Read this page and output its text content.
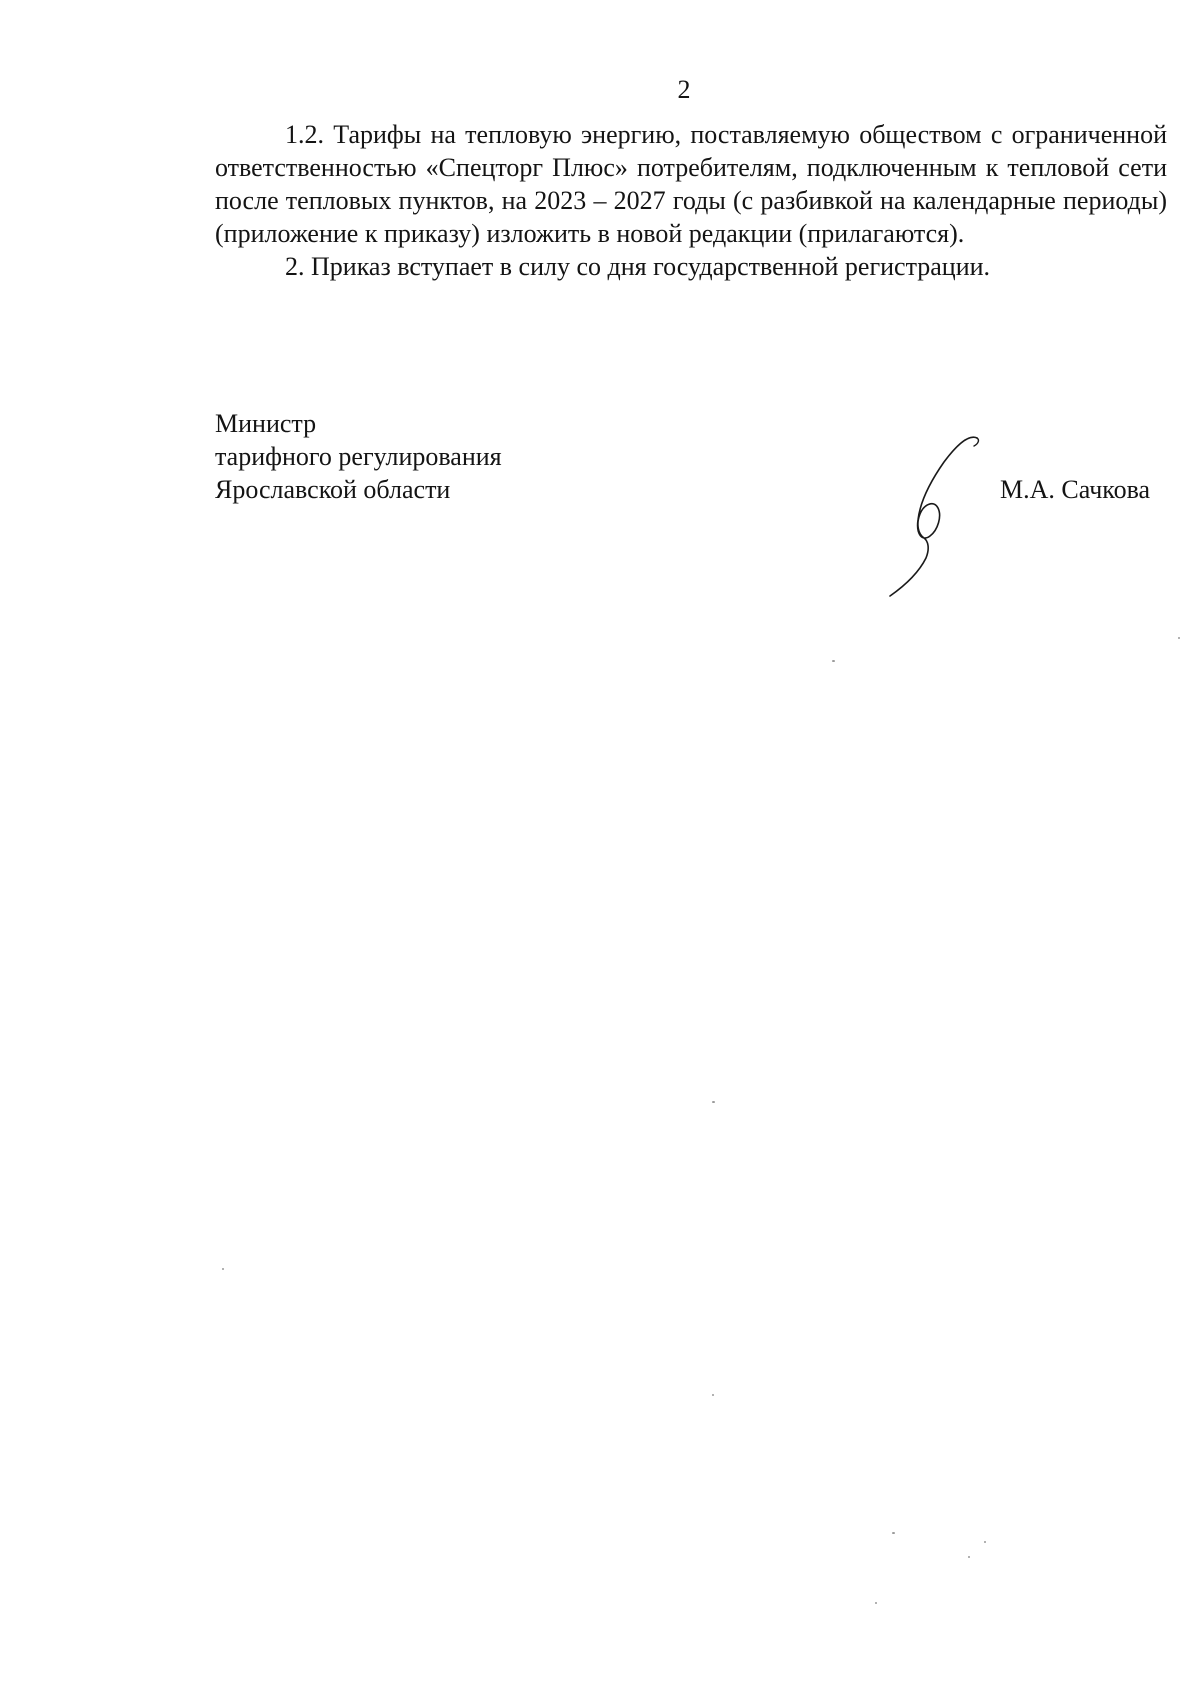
2

1.2. Тарифы на тепловую энергию, поставляемую обществом с ограниченной ответственностью «Спецторг Плюс» потребителям, подключенным к тепловой сети после тепловых пунктов, на 2023 – 2027 годы (с разбивкой на календарные периоды) (приложение к приказу) изложить в новой редакции (прилагаются).

2. Приказ вступает в силу со дня государственной регистрации.

Министр
тарифного регулирования
Ярославской области	М.А. Сачкова
